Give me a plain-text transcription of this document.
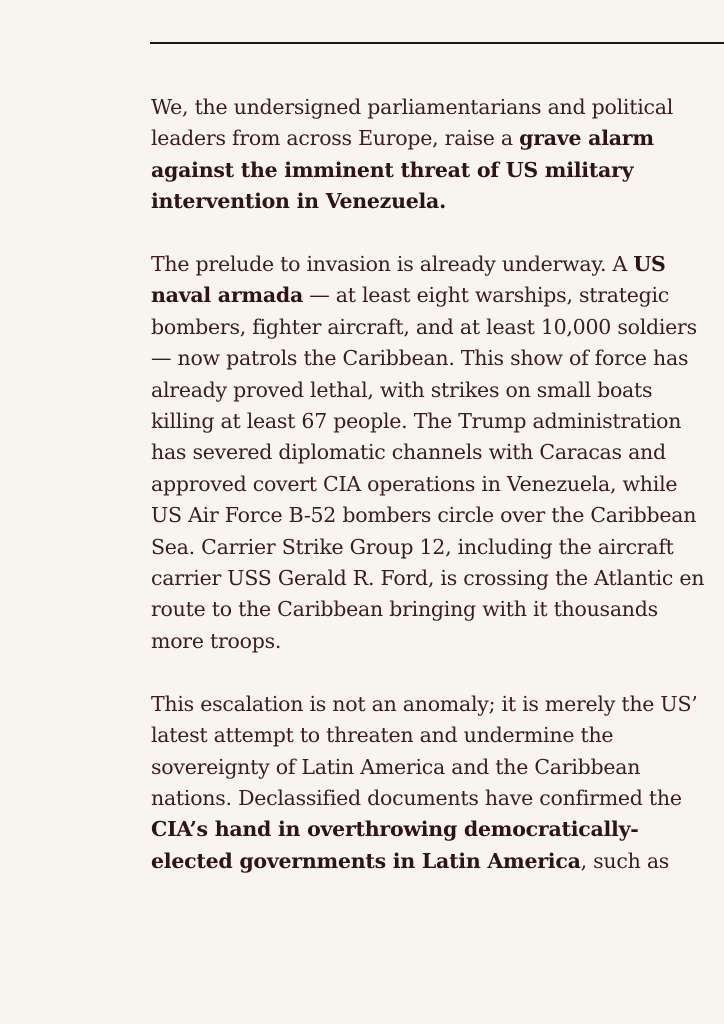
We, the undersigned parliamentarians and political leaders from across Europe, raise a grave alarm against the imminent threat of US military intervention in Venezuela.

The prelude to invasion is already underway. A US naval armada — at least eight warships, strategic bombers, fighter aircraft, and at least 10,000 soldiers — now patrols the Caribbean. This show of force has already proved lethal, with strikes on small boats killing at least 67 people. The Trump administration has severed diplomatic channels with Caracas and approved covert CIA operations in Venezuela, while US Air Force B-52 bombers circle over the Caribbean Sea. Carrier Strike Group 12, including the aircraft carrier USS Gerald R. Ford, is crossing the Atlantic en route to the Caribbean bringing with it thousands more troops.

This escalation is not an anomaly; it is merely the US’ latest attempt to threaten and undermine the sovereignty of Latin America and the Caribbean nations. Declassified documents have confirmed the CIA’s hand in overthrowing democratically-elected governments in Latin America, such as
